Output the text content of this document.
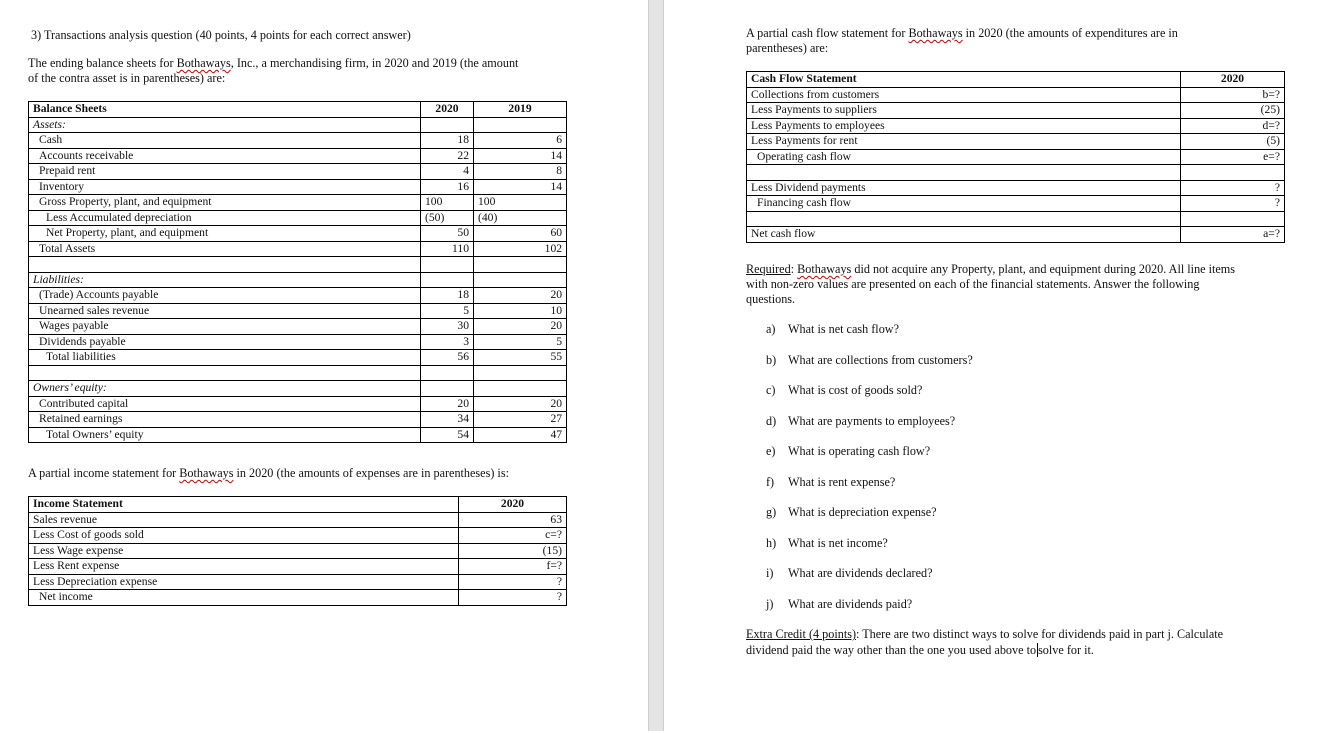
3) Transactions analysis question (40 points, 4 points for each correct answer)
The ending balance sheets for Bothaways, Inc., a merchandising firm, in 2020 and 2019 (the amount
of the contra asset is in parentheses) are:
Balance Sheets	2020	2019
Assets:		
Cash	18	6
Accounts receivable	22	14
Prepaid rent	4	8
Inventory	16	14
Gross Property, plant, and equipment	100	100
Less Accumulated depreciation	(50)	(40)
Net Property, plant, and equipment	50	60
Total Assets	110	102

Liabilities:		
(Trade) Accounts payable	18	20
Unearned sales revenue	5	10
Wages payable	30	20
Dividends payable	3	5
Total liabilities	56	55

Owners’ equity:		
Contributed capital	20	20
Retained earnings	34	27
Total Owners’ equity	54	47
A partial income statement for Bothaways in 2020 (the amounts of expenses are in parentheses) is:
Income Statement	2020
Sales revenue	63
Less Cost of goods sold	c=?
Less Wage expense	(15)
Less Rent expense	f=?
Less Depreciation expense	?
Net income	?
A partial cash flow statement for Bothaways in 2020 (the amounts of expenditures are in
parentheses) are:
Cash Flow Statement	2020
Collections from customers	b=?
Less Payments to suppliers	(25)
Less Payments to employees	d=?
Less Payments for rent	(5)
Operating cash flow	e=?

Less Dividend payments	?
Financing cash flow	?

Net cash flow	a=?
Required: Bothaways did not acquire any Property, plant, and equipment during 2020. All line items
with non-zero values are presented on each of the financial statements. Answer the following
questions.
a) What is net cash flow?
b) What are collections from customers?
c) What is cost of goods sold?
d) What are payments to employees?
e) What is operating cash flow?
f) What is rent expense?
g) What is depreciation expense?
h) What is net income?
i) What are dividends declared?
j) What are dividends paid?
Extra Credit (4 points): There are two distinct ways to solve for dividends paid in part j. Calculate
dividend paid the way other than the one you used above to solve for it.
